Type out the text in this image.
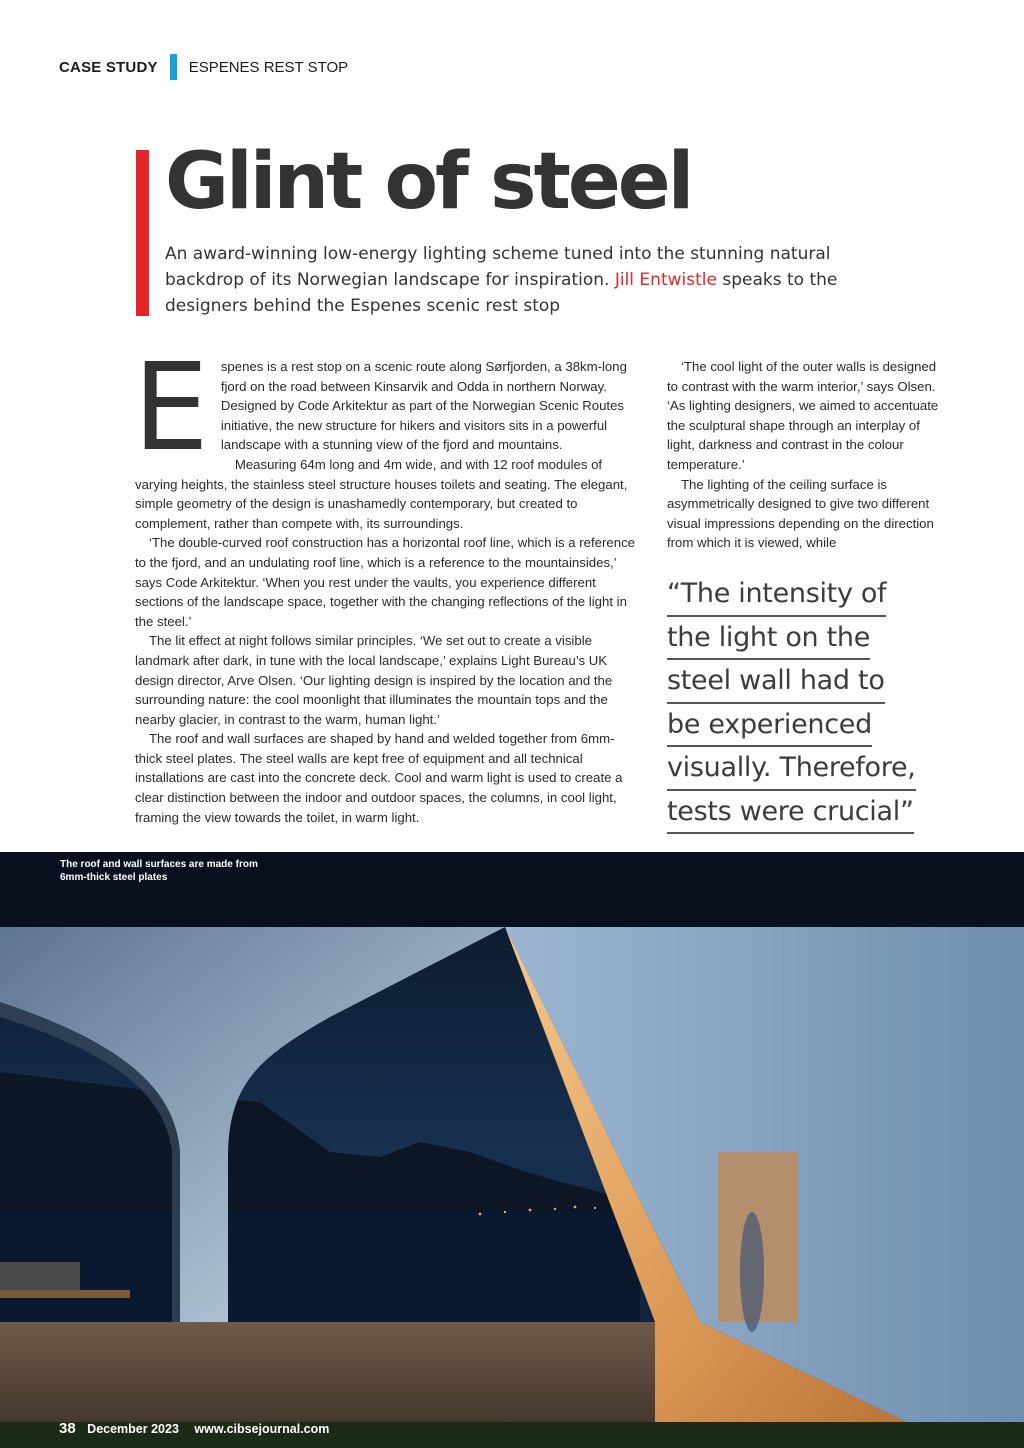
CASE STUDY ESPENES REST STOP
Glint of steel
An award-winning low-energy lighting scheme tuned into the stunning natural backdrop of its Norwegian landscape for inspiration. Jill Entwistle speaks to the designers behind the Espenes scenic rest stop

Espenes is a rest stop on a scenic route along Sørfjorden, a 38km-long fjord on the road between Kinsarvik and Odda in northern Norway. Designed by Code Arkitektur as part of the Norwegian Scenic Routes initiative, the new structure for hikers and visitors sits in a powerful landscape with a stunning view of the fjord and mountains.

Measuring 64m long and 4m wide, and with 12 roof modules of varying heights, the stainless steel structure houses toilets and seating. The elegant, simple geometry of the design is unashamedly contemporary, but created to complement, rather than compete with, its surroundings.

‘The double-curved roof construction has a horizontal roof line, which is a reference to the fjord, and an undulating roof line, which is a reference to the mountainsides,’ says Code Arkitektur. ‘When you rest under the vaults, you experience different sections of the landscape space, together with the changing reflections of the light in the steel.’

The lit effect at night follows similar principles. ‘We set out to create a visible landmark after dark, in tune with the local landscape,’ explains Light Bureau’s UK design director, Arve Olsen. ‘Our lighting design is inspired by the location and the surrounding nature: the cool moonlight that illuminates the mountain tops and the nearby glacier, in contrast to the warm, human light.’

The roof and wall surfaces are shaped by hand and welded together from 6mm-thick steel plates. The steel walls are kept free of equipment and all technical installations are cast into the concrete deck. Cool and warm light is used to create a clear distinction between the indoor and outdoor spaces, the columns, in cool light, framing the view towards the toilet, in warm light.

‘The cool light of the outer walls is designed to contrast with the warm interior,’ says Olsen. ‘As lighting designers, we aimed to accentuate the sculptural shape through an interplay of light, darkness and contrast in the colour temperature.’

The lighting of the ceiling surface is asymmetrically designed to give two different visual impressions depending on the direction from which it is viewed, while

“The intensity of
the light on the
steel wall had to
be experienced
visually. Therefore,
tests were crucial”
The roof and wall surfaces are made from 6mm-thick steel plates
38 December 2023 www.cibsejournal.com
